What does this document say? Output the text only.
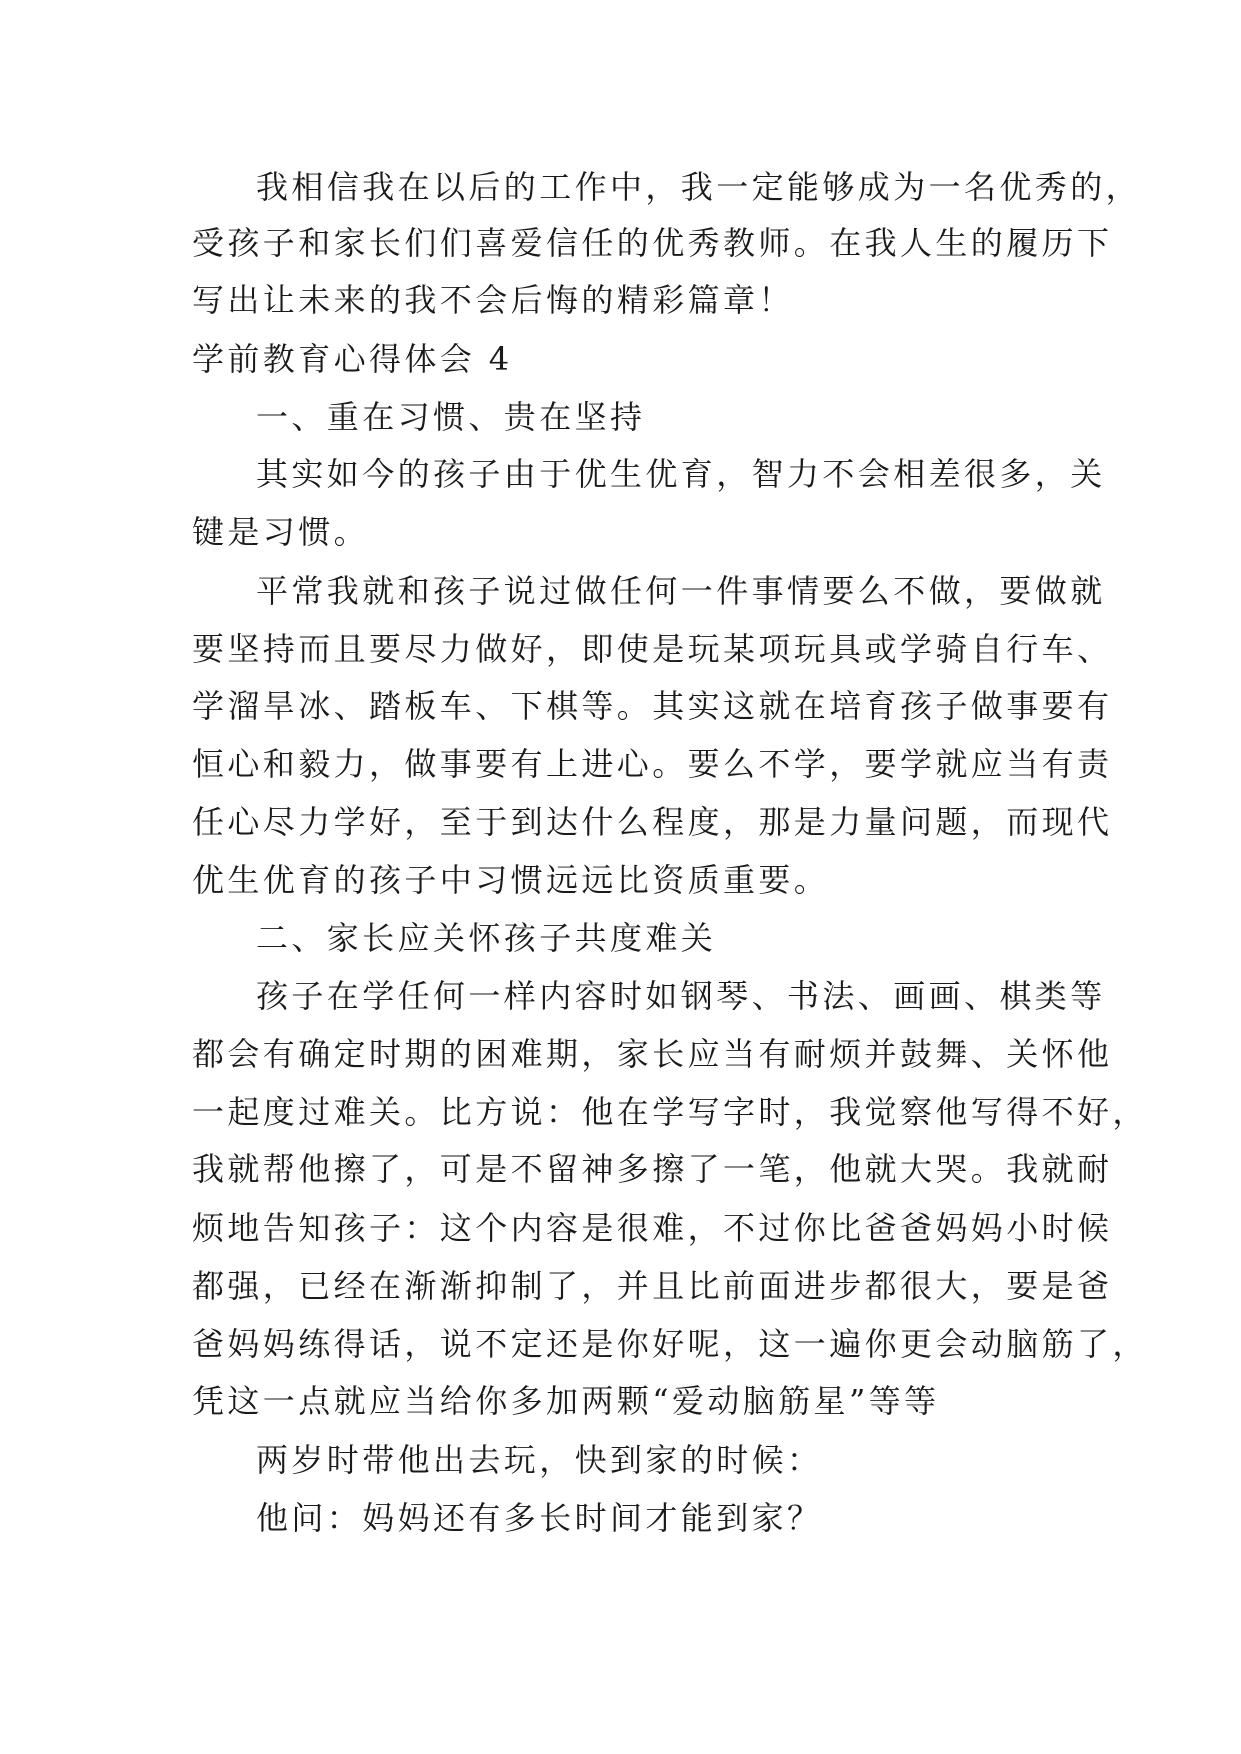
我相信我在以后的工作中，我一定能够成为一名优秀的，
受孩子和家长们们喜爱信任的优秀教师。在我人生的履历下
写出让未来的我不会后悔的精彩篇章！
学前教育心得体会 4
一、重在习惯、贵在坚持
其实如今的孩子由于优生优育，智力不会相差很多，关
键是习惯。
平常我就和孩子说过做任何一件事情要么不做，要做就
要坚持而且要尽力做好，即使是玩某项玩具或学骑自行车、
学溜旱冰、踏板车、下棋等。其实这就在培育孩子做事要有
恒心和毅力，做事要有上进心。要么不学，要学就应当有责
任心尽力学好，至于到达什么程度，那是力量问题，而现代
优生优育的孩子中习惯远远比资质重要。
二、家长应关怀孩子共度难关
孩子在学任何一样内容时如钢琴、书法、画画、棋类等
都会有确定时期的困难期，家长应当有耐烦并鼓舞、关怀他
一起度过难关。比方说：他在学写字时，我觉察他写得不好，
我就帮他擦了，可是不留神多擦了一笔，他就大哭。我就耐
烦地告知孩子：这个内容是很难，不过你比爸爸妈妈小时候
都强，已经在渐渐抑制了，并且比前面进步都很大，要是爸
爸妈妈练得话，说不定还是你好呢，这一遍你更会动脑筋了，
凭这一点就应当给你多加两颗“爱动脑筋星”等等
两岁时带他出去玩，快到家的时候：
他问：妈妈还有多长时间才能到家？
